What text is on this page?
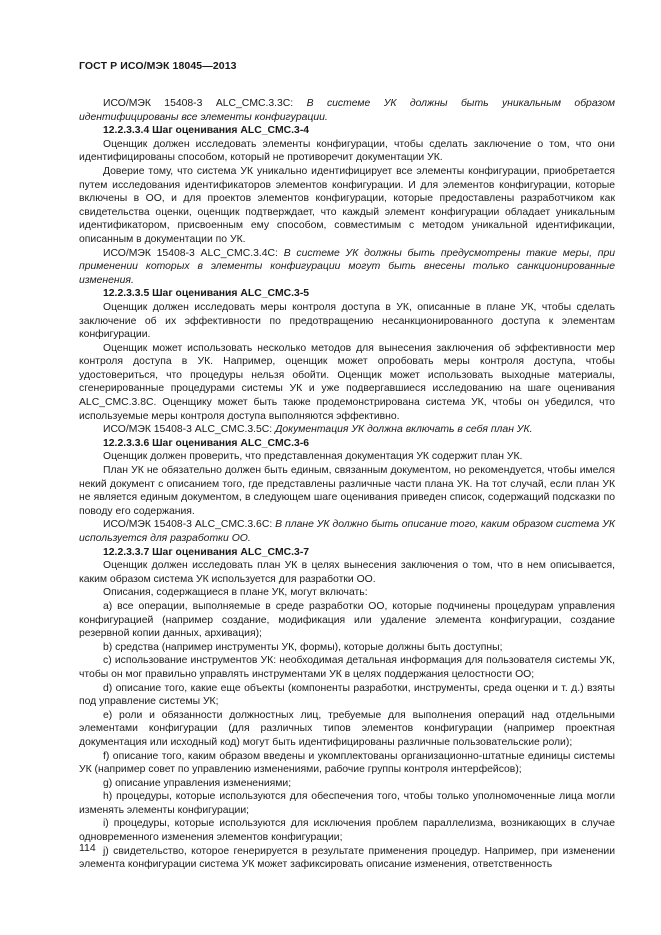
ГОСТ Р ИСО/МЭК 18045—2013

ИСО/МЭК 15408-3 ALC_CMC.3.3C: В системе УК должны быть уникальным образом идентифицированы все элементы конфигурации.

12.2.3.3.4 Шаг оценивания ALC_CMC.3-4

Оценщик должен исследовать элементы конфигурации, чтобы сделать заключение о том, что они идентифицированы способом, который не противоречит документации УК.

Доверие тому, что система УК уникально идентифицирует все элементы конфигурации, приобретается путем исследования идентификаторов элементов конфигурации. И для элементов конфигурации, которые включены в ОО, и для проектов элементов конфигурации, которые предоставлены разработчиком как свидетельства оценки, оценщик подтверждает, что каждый элемент конфигурации обладает уникальным идентификатором, присвоенным ему способом, совместимым с методом уникальной идентификации, описанным в документации по УК.

ИСО/МЭК 15408-3 ALC_CMC.3.4C: В системе УК должны быть предусмотрены такие меры, при применении которых в элементы конфигурации могут быть внесены только санкционированные изменения.

12.2.3.3.5 Шаг оценивания ALC_CMC.3-5

Оценщик должен исследовать меры контроля доступа в УК, описанные в плане УК, чтобы сделать заключение об их эффективности по предотвращению несанкционированного доступа к элементам конфигурации.

Оценщик может использовать несколько методов для вынесения заключения об эффективности мер контроля доступа в УК. Например, оценщик может опробовать меры контроля доступа, чтобы удостовериться, что процедуры нельзя обойти. Оценщик может использовать выходные материалы, сгенерированные процедурами системы УК и уже подвергавшиеся исследованию на шаге оценивания ALC_CMC.3.8C. Оценщику может быть также продемонстрирована система УК, чтобы он убедился, что используемые меры контроля доступа выполняются эффективно.

ИСО/МЭК 15408-3 ALC_CMC.3.5C: Документация УК должна включать в себя план УК.

12.2.3.3.6 Шаг оценивания ALC_CMC.3-6

Оценщик должен проверить, что представленная документация УК содержит план УК.

План УК не обязательно должен быть единым, связанным документом, но рекомендуется, чтобы имелся некий документ с описанием того, где представлены различные части плана УК. На тот случай, если план УК не является единым документом, в следующем шаге оценивания приведен список, содержащий подсказки по поводу его содержания.

ИСО/МЭК 15408-3 ALC_CMC.3.6C: В плане УК должно быть описание того, каким образом система УК используется для разработки ОО.

12.2.3.3.7 Шаг оценивания ALC_CMC.3-7

Оценщик должен исследовать план УК в целях вынесения заключения о том, что в нем описывается, каким образом система УК используется для разработки ОО.

Описания, содержащиеся в плане УК, могут включать:

a) все операции, выполняемые в среде разработки ОО, которые подчинены процедурам управления конфигурацией (например создание, модификация или удаление элемента конфигурации, создание резервной копии данных, архивация);

b) средства (например инструменты УК, формы), которые должны быть доступны;

c) использование инструментов УК: необходимая детальная информация для пользователя системы УК, чтобы он мог правильно управлять инструментами УК в целях поддержания целостности ОО;

d) описание того, какие еще объекты (компоненты разработки, инструменты, среда оценки и т. д.) взяты под управление системы УК;

e) роли и обязанности должностных лиц, требуемые для выполнения операций над отдельными элементами конфигурации (для различных типов элементов конфигурации (например проектная документация или исходный код) могут быть идентифицированы различные пользовательские роли);

f) описание того, каким образом введены и укомплектованы организационно-штатные единицы системы УК (например совет по управлению изменениями, рабочие группы контроля интерфейсов);

g) описание управления изменениями;

h) процедуры, которые используются для обеспечения того, чтобы только уполномоченные лица могли изменять элементы конфигурации;

i) процедуры, которые используются для исключения проблем параллелизма, возникающих в случае одновременного изменения элементов конфигурации;

j) свидетельство, которое генерируется в результате применения процедур. Например, при изменении элемента конфигурации система УК может зафиксировать описание изменения, ответственность

114
